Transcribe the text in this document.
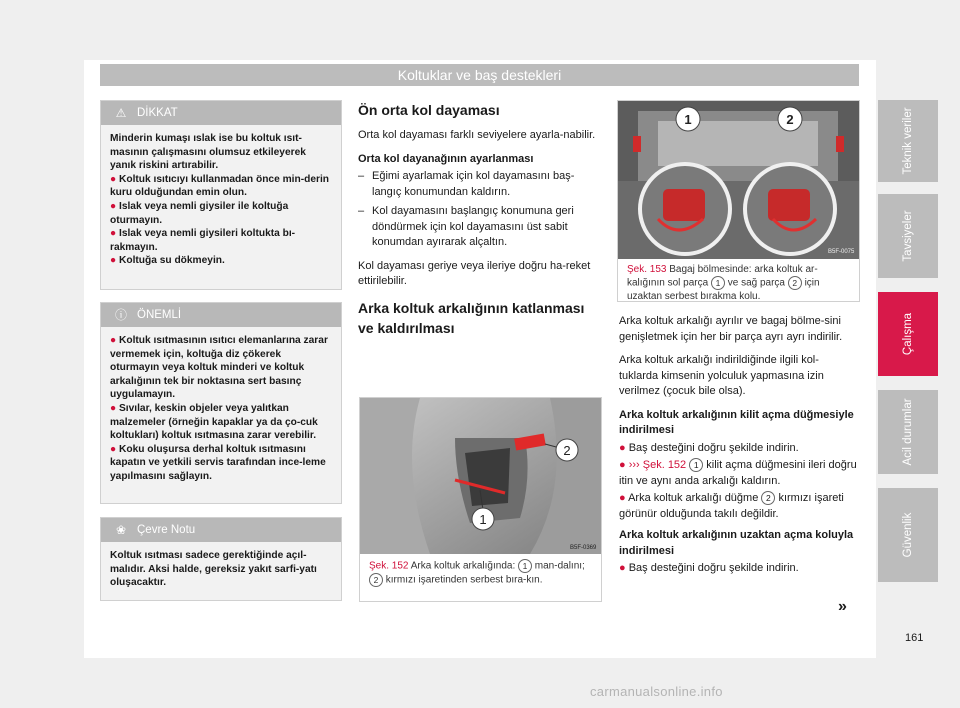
Koltuklar ve baş destekleri
⚠ DİKKAT

Minderin kumaşı ıslak ise bu koltuk ısıt-masının çalışmasını olumsuz etkileyerek yanık riskini artırabilir.

● Koltuk ısıtıcıyı kullanmadan önce min-derin kuru olduğundan emin olun.

● Islak veya nemli giysiler ile koltuğa oturmayın.

● Islak veya nemli giysileri koltukta bı-rakmayın.

● Koltuğa su dökmeyin.

ⓘ ÖNEMLİ

● Koltuk ısıtmasının ısıtıcı elemanlarına zarar vermemek için, koltuğa diz çökerek oturmayın veya koltuk minderi ve koltuk arkalığının tek bir noktasına sert basınç uygulamayın.

● Sıvılar, keskin objeler veya yalıtkan malzemeler (örneğin kapaklar ya da ço-cuk koltukları) koltuk ısıtmasına zarar verebilir.

● Koku oluşursa derhal koltuk ısıtmasını kapatın ve yetkili servis tarafından ince-leme yapılmasını sağlayın.

❀ Çevre Notu

Koltuk ısıtması sadece gerektiğinde açıl-malıdır. Aksi halde, gereksiz yakıt sarfi-yatı oluşacaktır.

Ön orta kol dayaması

Orta kol dayaması farklı seviyelere ayarla-nabilir.

Orta kol dayanağının ayarlanması

– Eğimi ayarlamak için kol dayamasını baş-langıç konumundan kaldırın.
– Kol dayamasını başlangıç konumuna geri döndürmek için kol dayamasını üst sabit konumdan ayırarak alçaltın.

Kol dayaması geriye veya ileriye doğru ha-reket ettirilebilir.

Arka koltuk arkalığının katlanması ve kaldırılması
2
1
B5F-0369
Şek. 152 Arka koltuk arkalığında: 1 man-dalını; 2 kırmızı işaretinden serbest bıra-kın.
1	2
B5F-0075
Şek. 153 Bagaj bölmesinde: arka koltuk ar-kalığının sol parça 1 ve sağ parça 2 için uzaktan serbest bırakma kolu.

Arka koltuk arkalığı ayrılır ve bagaj bölme-sini genişletmek için her bir parça ayrı ayrı indirilir.

Arka koltuk arkalığı indirildiğinde ilgili kol-tuklarda kimsenin yolculuk yapmasına izin verilmez (çocuk bile olsa).

Arka koltuk arkalığının kilit açma düğmesiyle indirilmesi

● Baş desteğini doğru şekilde indirin.

● ››› Şek. 152 1 kilit açma düğmesini ileri doğru itin ve aynı anda arkalığı kaldırın.

● Arka koltuk arkalığı düğme 2 kırmızı işareti görünür olduğunda takılı değildir.

Arka koltuk arkalığının uzaktan açma koluyla indirilmesi

● Baş desteğini doğru şekilde indirin.

»
Teknik veriler
Tavsiyeler
Çalışma
Acil durumlar
Güvenlik
161
carmanualsonline.info
